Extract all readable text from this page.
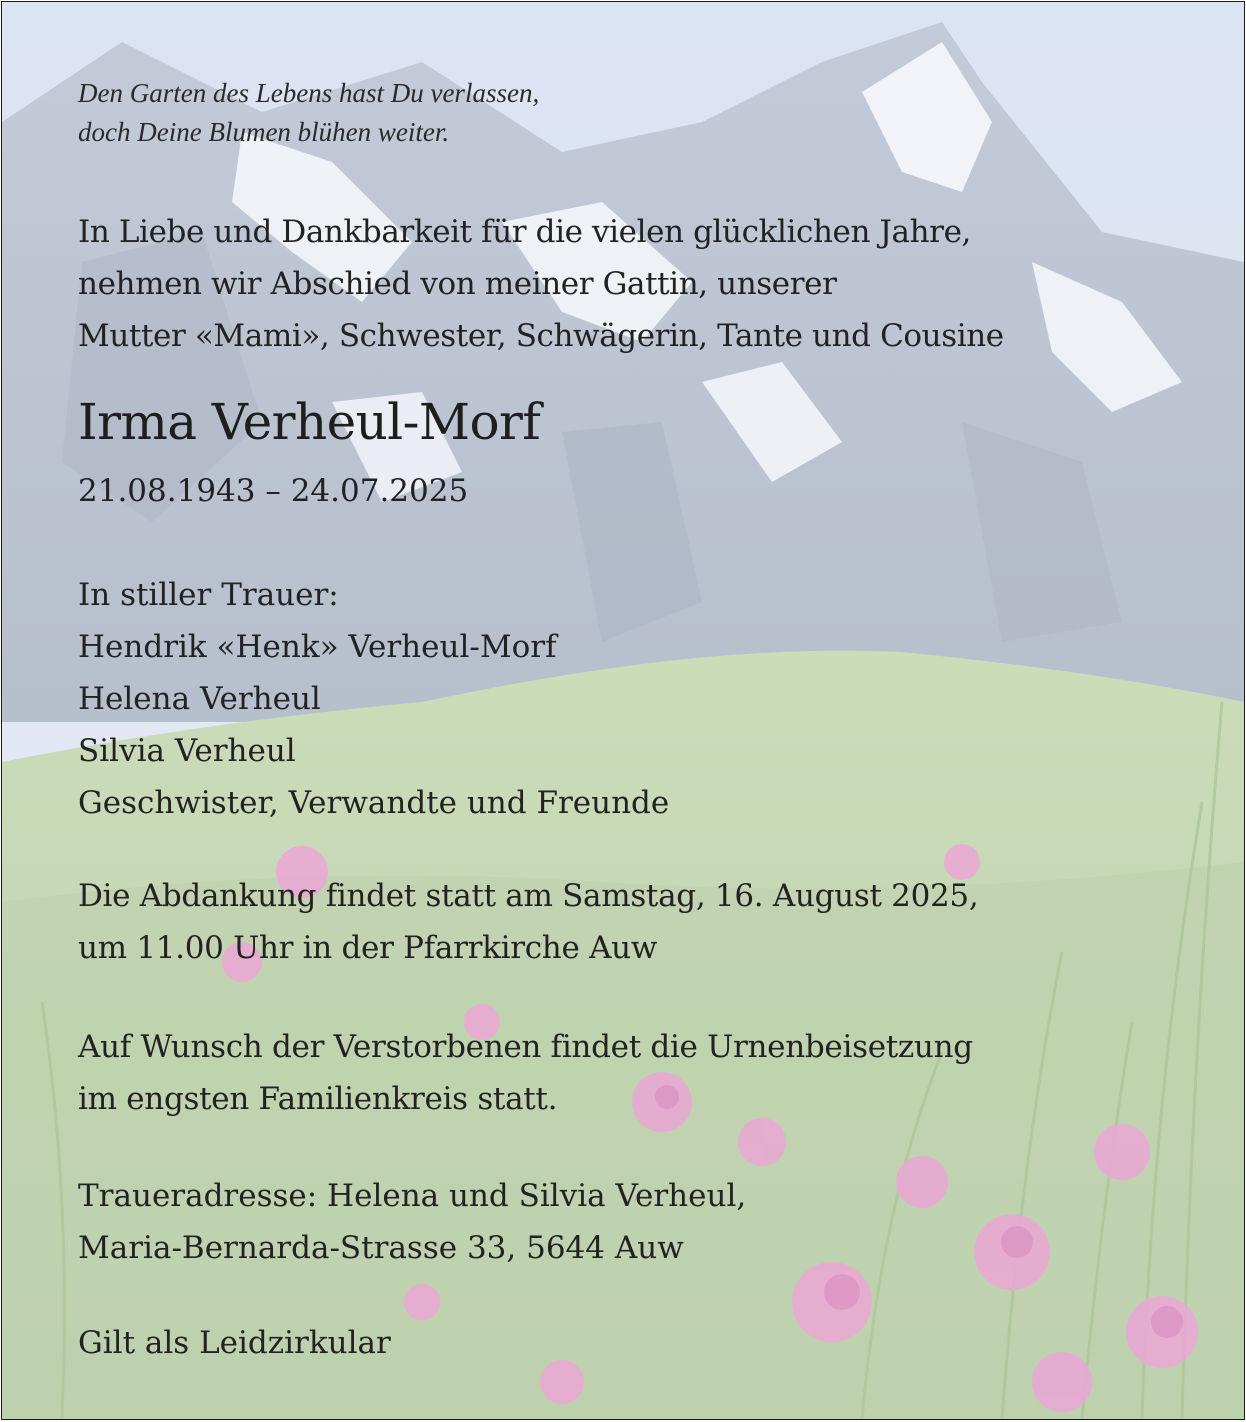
Den Garten des Lebens hast Du verlassen,
doch Deine Blumen blühen weiter.
In Liebe und Dankbarkeit für die vielen glücklichen Jahre,
nehmen wir Abschied von meiner Gattin, unserer
Mutter «Mami», Schwester, Schwägerin, Tante und Cousine
Irma Verheul-Morf
21.08.1943 – 24.07.2025
In stiller Trauer:
Hendrik «Henk» Verheul-Morf
Helena Verheul
Silvia Verheul
Geschwister, Verwandte und Freunde
Die Abdankung findet statt am Samstag, 16. August 2025,
um 11.00 Uhr in der Pfarrkirche Auw
Auf Wunsch der Verstorbenen findet die Urnenbeisetzung
im engsten Familienkreis statt.
Traueradresse: Helena und Silvia Verheul,
Maria-Bernarda-Strasse 33, 5644 Auw
Gilt als Leidzirkular
